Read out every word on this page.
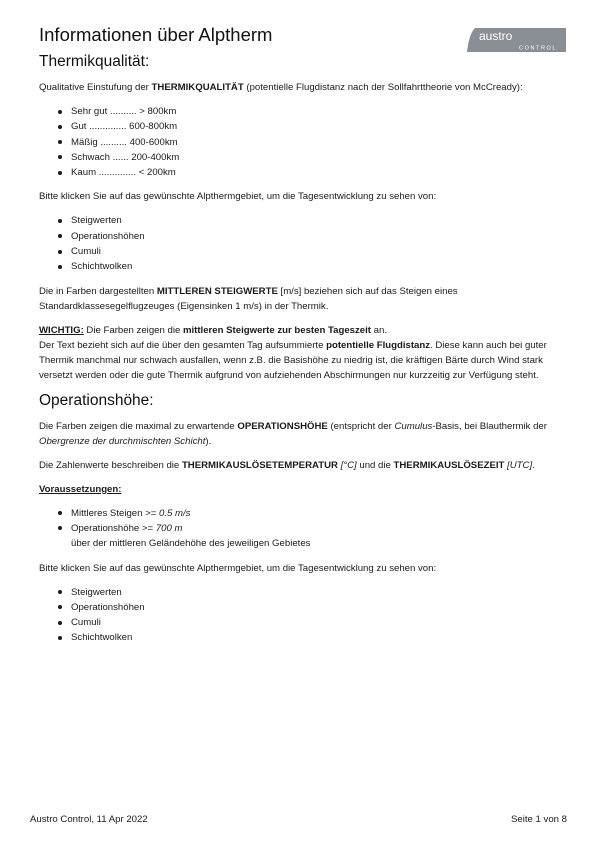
Informationen über Alptherm	austro
CONTROL
Thermikqualität:

Qualitative Einstufung der THERMIKQUALITÄT (potentielle Flugdistanz nach der Sollfahrttheorie von McCready):

Sehr gut .......... > 800km
Gut .............. 600-800km
Mäßig .......... 400-600km
Schwach ...... 200-400km
Kaum .............. < 200km

Bitte klicken Sie auf das gewünschte Alpthermgebiet, um die Tagesentwicklung zu sehen von:

Steigwerten
Operationshöhen
Cumuli
Schichtwolken

Die in Farben dargestellten MITTLEREN STEIGWERTE [m/s] beziehen sich auf das Steigen eines Standardklassesegelflugzeuges (Eigensinken 1 m/s) in der Thermik.

WICHTIG: Die Farben zeigen die mittleren Steigwerte zur besten Tageszeit an.

Der Text bezieht sich auf die über den gesamten Tag aufsummierte potentielle Flugdistanz. Diese kann auch bei guter Thermik manchmal nur schwach ausfallen, wenn z.B. die Basishöhe zu niedrig ist, die kräftigen Bärte durch Wind stark versetzt werden oder die gute Thermik aufgrund von aufziehenden Abschirmungen nur kurzzeitig zur Verfügung steht.

Operationshöhe:

Die Farben zeigen die maximal zu erwartende OPERATIONSHÖHE (entspricht der Cumulus-Basis, bei Blauthermik der Obergrenze der durchmischten Schicht).

Die Zahlenwerte beschreiben die THERMIKAUSLÖSETEMPERATUR [°C] und die THERMIKAUSLÖSEZEIT [UTC].

Voraussetzungen:

Mittleres Steigen >= 0.5 m/s
Operationshöhe >= 700 m
über der mittleren Geländehöhe des jeweiligen Gebietes

Bitte klicken Sie auf das gewünschte Alpthermgebiet, um die Tagesentwicklung zu sehen von:

Steigwerten
Operationshöhen
Cumuli
Schichtwolken
Austro Control, 11 Apr 2022	Seite 1 von 8
